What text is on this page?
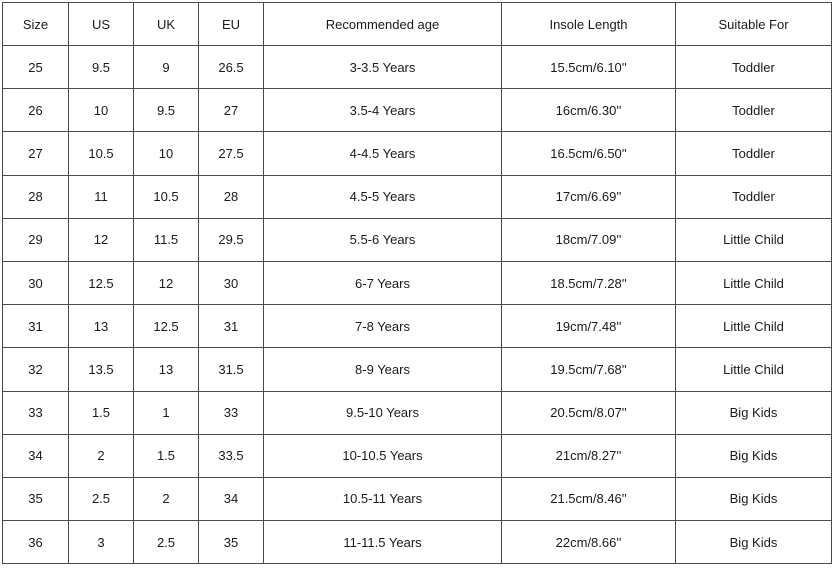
Size	US	UK	EU	Recommended age	Insole Length	Suitable For
25	9.5	9	26.5	3-3.5 Years	15.5cm/6.10''	Toddler
26	10	9.5	27	3.5-4 Years	16cm/6.30''	Toddler
27	10.5	10	27.5	4-4.5 Years	16.5cm/6.50''	Toddler
28	11	10.5	28	4.5-5 Years	17cm/6.69''	Toddler
29	12	11.5	29.5	5.5-6 Years	18cm/7.09''	Little Child
30	12.5	12	30	6-7 Years	18.5cm/7.28''	Little Child
31	13	12.5	31	7-8 Years	19cm/7.48''	Little Child
32	13.5	13	31.5	8-9 Years	19.5cm/7.68''	Little Child
33	1.5	1	33	9.5-10 Years	20.5cm/8.07''	Big Kids
34	2	1.5	33.5	10-10.5 Years	21cm/8.27''	Big Kids
35	2.5	2	34	10.5-11 Years	21.5cm/8.46''	Big Kids
36	3	2.5	35	11-11.5 Years	22cm/8.66''	Big Kids
